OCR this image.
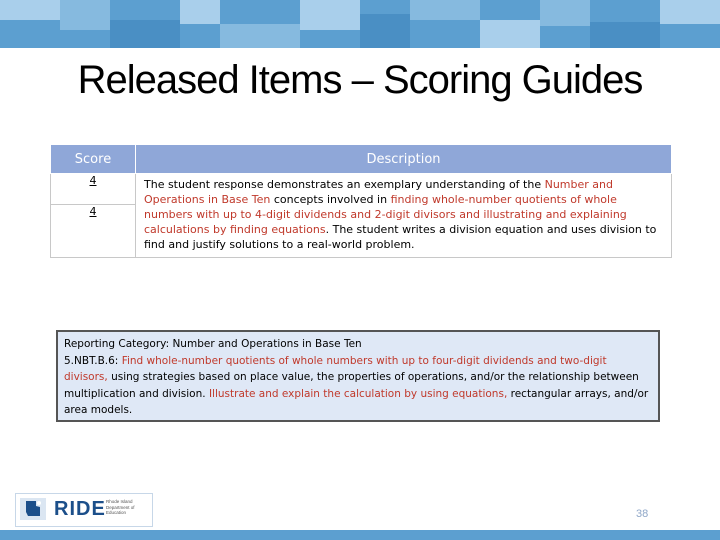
Released Items – Scoring Guides
Score	Description
4	The student response demonstrates an exemplary understanding of the Number and Operations in Base Ten concepts involved in finding whole-number quotients of whole numbers with up to 4-digit dividends and 2-digit divisors and illustrating and explaining calculations by finding equations. The student writes a division equation and uses division to find and justify solutions to a real-world problem.
4	
Reporting Category: Number and Operations in Base Ten
5.NBT.B.6: Find whole-number quotients of whole numbers with up to four-digit dividends and two-digit divisors, using strategies based on place value, the properties of operations, and/or the relationship between multiplication and division. Illustrate and explain the calculation by using equations, rectangular arrays, and/or area models.
RIDE Rhode Island Department of Education	38
